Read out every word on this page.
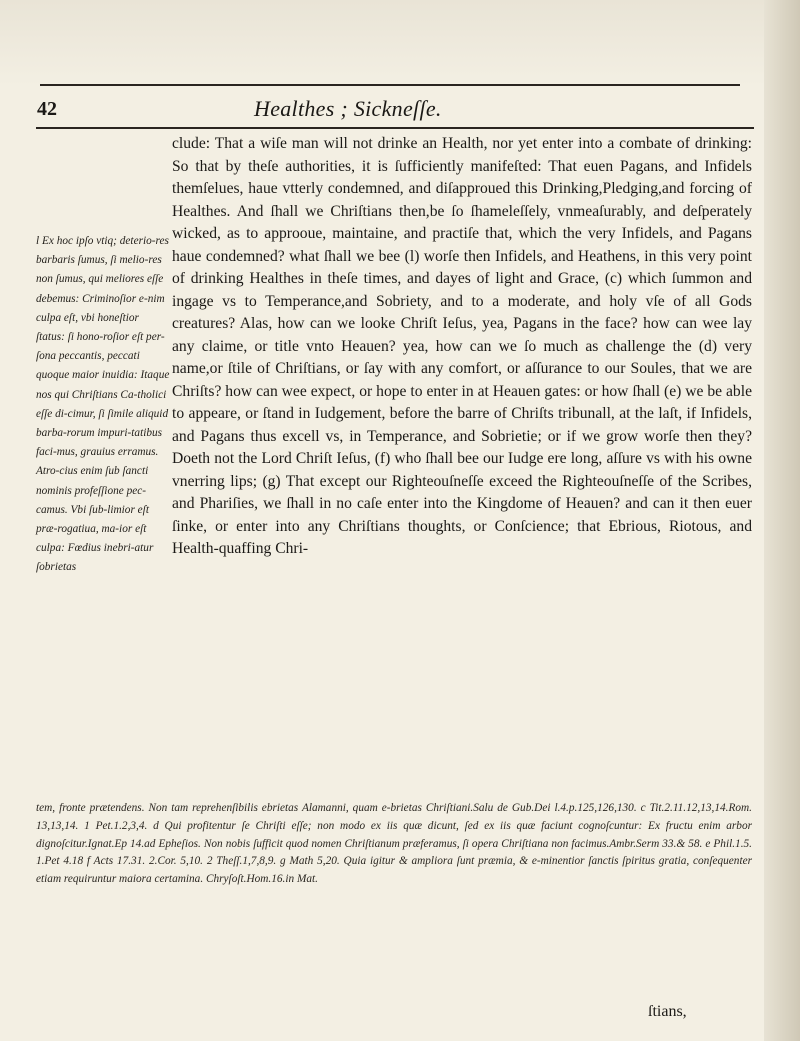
42	Healthes ; Sickneſſe.

clude: That a wiſe man will not drinke an Health, nor yet enter into a combate of drinking: So that by theſe authorities, it is ſufficiently manifeſted: That euen Pagans, and Infidels themſelues, haue vtterly condemned, and diſapproued this Drinking,Pledging,and forcing of Healthes. And ſhall we Chriſtians then,be ſo ſhameleſſely, vnmeaſurably, and deſperately wicked, as to approoue, maintaine, and practiſe that, which the very Infidels, and Pagans haue condemned? what ſhall we bee (l) worſe then Infidels, and Heathens, in this very point of drinking Healthes in theſe times, and dayes of light and Grace, (c) which ſummon and ingage vs to Temperance,and Sobriety, and to a moderate, and holy vſe of all Gods creatures? Alas, how can we looke Chriſt Ieſus, yea, Pagans in the face? how can wee lay any claime, or title vnto Heauen? yea, how can we ſo much as challenge the (d) very name,or ſtile of Chriſtians, or ſay with any comfort, or aſſurance to our Soules, that we are Chriſts? how can wee expect, or hope to enter in at Heauen gates: or how ſhall (e) we be able to appeare, or ſtand in Iudgement, before the barre of Chriſts tribunall, at the laſt, if Infidels, and Pagans thus excell vs, in Temperance, and Sobrietie; or if we grow worſe then they? Doeth not the Lord Chriſt Ieſus, (f) who ſhall bee our Iudge ere long, aſſure vs with his owne vnerring lips; (g) That except our Righteouſneſſe exceed the Righteouſneſſe of the Scribes, and Phariſies, we ſhall in no caſe enter into the Kingdome of Heauen? and can it then euer ſinke, or enter into any Chriſtians thoughts, or Conſcience; that Ebrious, Riotous, and Health-quaffing Chri-

l Ex hoc ipſo vtiq; deterio-res barbaris ſumus, ſi melio-res non ſumus, qui meliores eſſe debemus: Criminoſior e-nim culpa eſt, vbi honeſtior ſtatus: ſi hono-roſior eſt per-ſona peccantis, peccati quoque maior inuidia: Itaque nos qui Chriſtians Ca-tholici eſſe di-cimur, ſi ſimile aliquid barba-rorum impuri-tatibus faci-mus, grauius erramus. Atro-cius enim ſub ſancti nominis profeſſione pec-camus. Vbi ſub-limior eſt præ-rogatiua, ma-ior eſt culpa: Fœdius inebri-atur ſobrietas
tem, fronte prætendens. Non tam reprehenſibilis ebrietas Alamanni, quam e-brietas Chriſtiani.Salu de Gub.Dei l.4.p.125,126,130. c Tit.2.11.12,13,14.Rom. 13,13,14. 1 Pet.1.2,3,4. d Qui profitentur ſe Chriſti eſſe; non modo ex iis quæ dicunt, ſed ex iis quæ faciunt cognoſcuntur: Ex fructu enim arbor dignoſcitur.Ignat.Ep 14.ad Epheſios. Non nobis ſufficit quod nomen Chriſtianum præferamus, ſi opera Chriſtiana non facimus.Ambr.Serm 33.& 58. e Phil.1.5. 1.Pet 4.18 f Acts 17.31. 2.Cor. 5,10. 2 Theſſ.1,7,8,9. g Math 5,20. Quia igitur & ampliora ſunt præmia, & e-minentior ſanctis ſpiritus gratia, conſequenter etiam requiruntur maiora certamina. Chryſoſt.Hom.16.in Mat.
ſtians,
